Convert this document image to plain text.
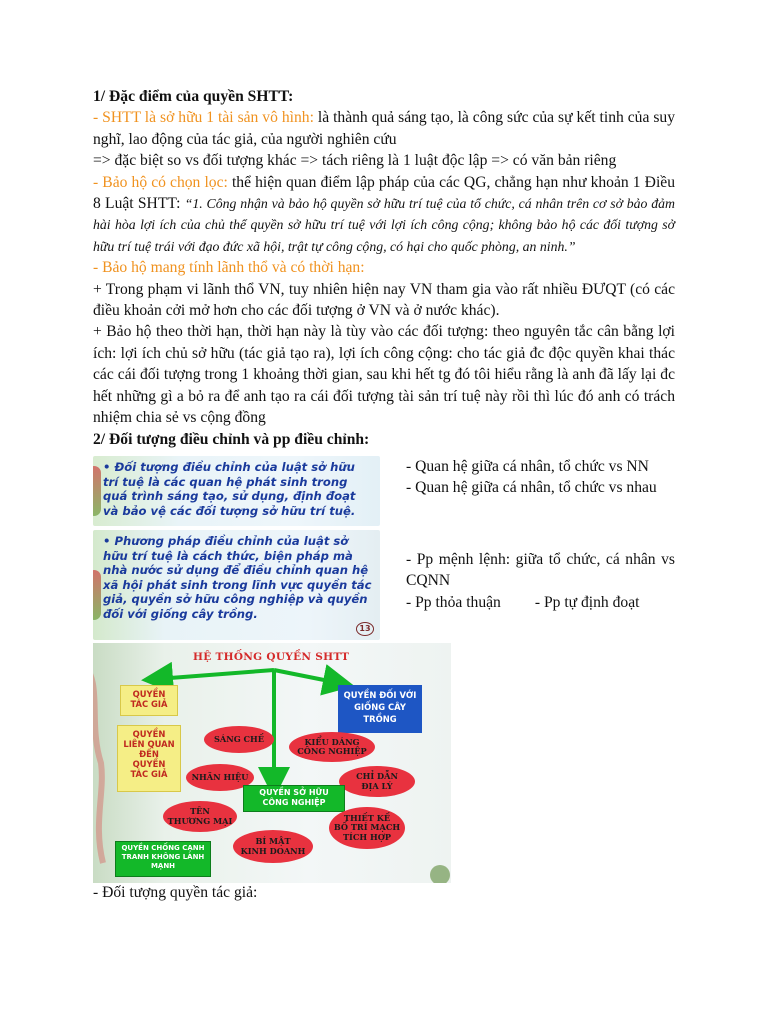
1/ Đặc điểm của quyền SHTT:

- SHTT là sở hữu 1 tài sản vô hình: là thành quả sáng tạo, là công sức của sự kết tinh của suy nghĩ, lao động của tác giả, của người nghiên cứu

=> đặc biệt so vs đối tượng khác => tách riêng là 1 luật độc lập => có văn bản riêng

- Bảo hộ có chọn lọc: thể hiện quan điểm lập pháp của các QG, chẳng hạn như khoản 1 Điều 8 Luật SHTT: “1. Công nhận và bảo hộ quyền sở hữu trí tuệ của tổ chức, cá nhân trên cơ sở bảo đảm hài hòa lợi ích của chủ thể quyền sở hữu trí tuệ với lợi ích công cộng; không bảo hộ các đối tượng sở hữu trí tuệ trái với đạo đức xã hội, trật tự công cộng, có hại cho quốc phòng, an ninh.”

- Bảo hộ mang tính lãnh thổ và có thời hạn:

+ Trong phạm vi lãnh thổ VN, tuy nhiên hiện nay VN tham gia vào rất nhiều ĐƯQT (có các điều khoản cởi mở hơn cho các đối tượng ở VN và ở nước khác).

+ Bảo hộ theo thời hạn, thời hạn này là tùy vào các đối tượng: theo nguyên tắc cân bằng lợi ích: lợi ích chủ sở hữu (tác giả tạo ra), lợi ích công cộng: cho tác giả đc độc quyền khai thác các cái đối tượng trong 1 khoảng thời gian, sau khi hết tg đó tôi hiểu rằng là anh đã lấy lại đc hết những gì a bỏ ra để anh tạo ra cái đối tượng tài sản trí tuệ này rồi thì lúc đó anh có trách nhiệm chia sẻ vs cộng đồng

2/ Đối tượng điều chỉnh và pp điều chỉnh:

• Đối tượng điều chỉnh của luật sở hữu trí tuệ là các quan hệ phát sinh trong quá trình sáng tạo, sử dụng, định đoạt và bảo vệ các đối tượng sở hữu trí tuệ.
• Phương pháp điều chỉnh của luật sở hữu trí tuệ là cách thức, biện pháp mà nhà nước sử dụng để điều chỉnh quan hệ xã hội phát sinh trong lĩnh vực quyền tác giả, quyền sở hữu công nghiệp và quyền đối với giống cây trồng.
13
- Quan hệ giữa cá nhân, tổ chức vs NN
- Quan hệ giữa cá nhân, tổ chức vs nhau
- Pp mệnh lệnh: giữa tổ chức, cá nhân vs CQNN
- Pp thỏa thuận - Pp tự định đoạt
HỆ THỐNG QUYỀN SHTT
QUYỀN
TÁC GIẢ
QUYỀN
LIÊN QUAN
ĐẾN
QUYỀN
TÁC GIẢ
QUYỀN ĐỐI VỚI
GIỐNG CÂY
TRỒNG
SÁNG CHẾ	KIỂU DÁNG
CÔNG NGHIỆP
NHÃN HIỆU	CHỈ DẪN
ĐỊA LÝ
QUYỀN SỞ HỮU
CÔNG NGHIỆP
TÊN
THƯƠNG MẠI	THIẾT KẾ
BỐ TRÍ MẠCH
TÍCH HỢP
BÍ MẬT
KINH DOANH
QUYỀN CHỐNG CẠNH
TRANH KHÔNG LÀNH
MẠNH
- Đối tượng quyền tác giả:
